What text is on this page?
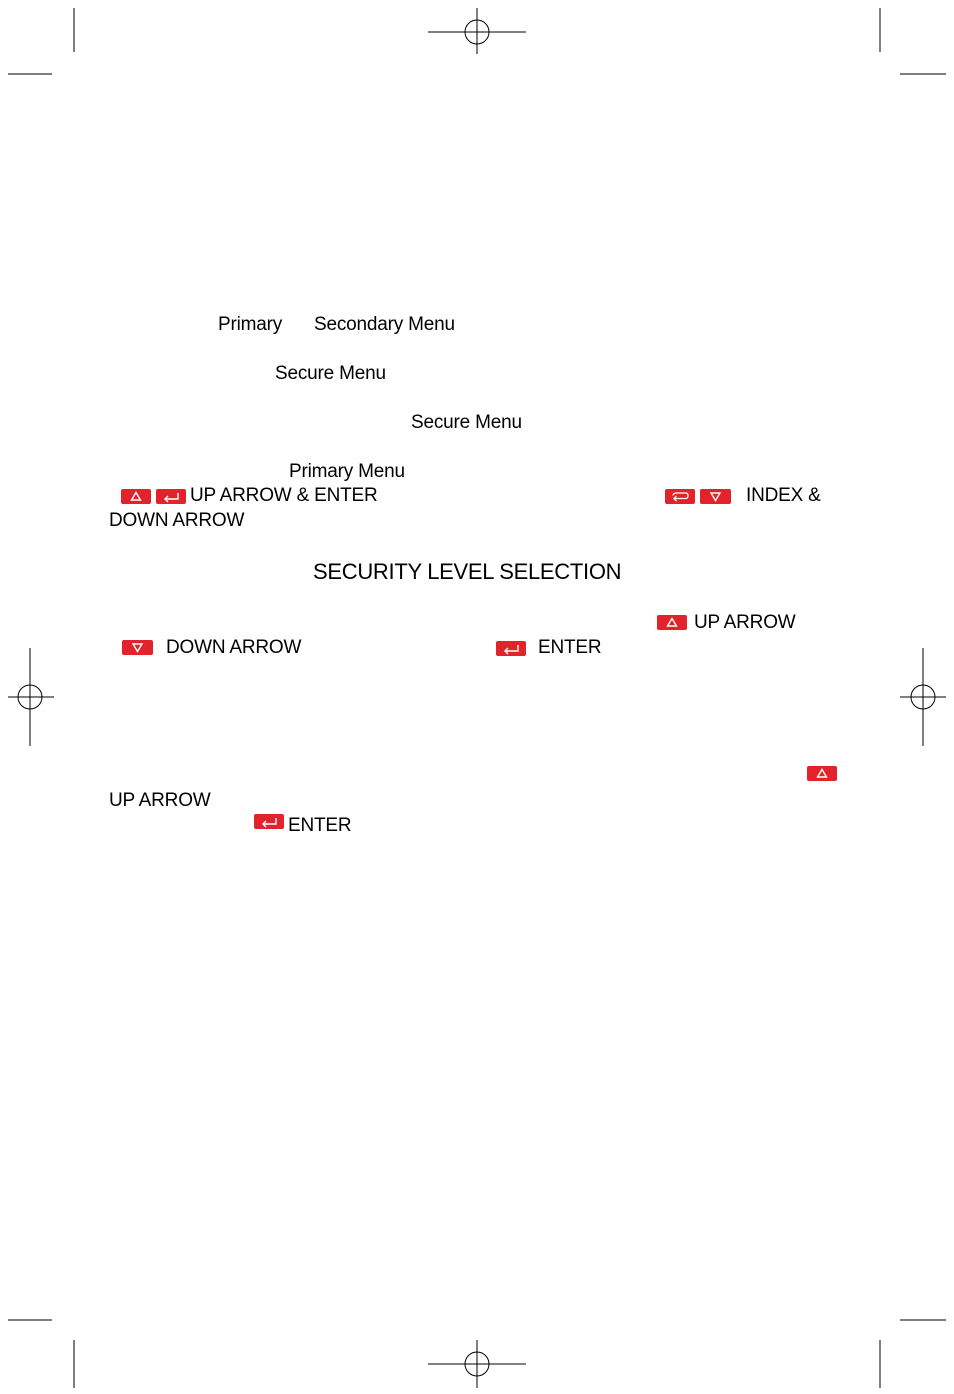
Primary Secondary Menu
Secure Menu
Secure Menu
Primary Menu
UP ARROW & ENTER	INDEX &
DOWN ARROW
SECURITY LEVEL SELECTION
UP ARROW
DOWN ARROW	ENTER
UP ARROW
ENTER
